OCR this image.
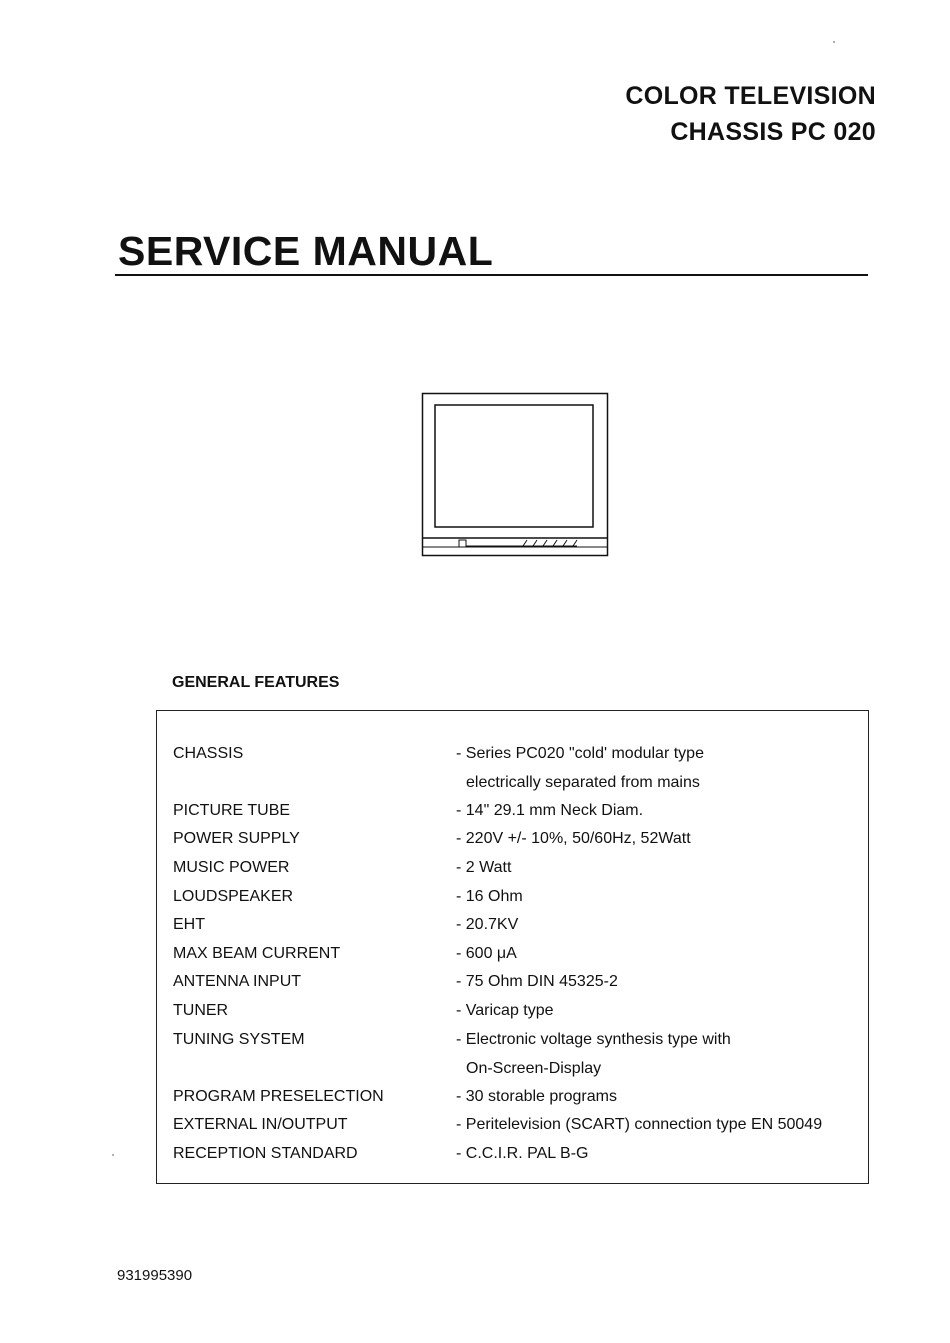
COLOR TELEVISION
CHASSIS PC 020
SERVICE MANUAL
GENERAL FEATURES
CHASSIS	- Series PC020 "cold' modular type
electrically separated from mains
PICTURE TUBE	- 14" 29.1 mm Neck Diam.
POWER SUPPLY	- 220V +/- 10%, 50/60Hz, 52Watt
MUSIC POWER	- 2 Watt
LOUDSPEAKER	- 16 Ohm
EHT	- 20.7KV
MAX BEAM CURRENT	- 600 μA
ANTENNA INPUT	- 75 Ohm DIN 45325-2
TUNER	- Varicap type
TUNING SYSTEM	- Electronic voltage synthesis type with
On-Screen-Display
PROGRAM PRESELECTION	- 30 storable programs
EXTERNAL IN/OUTPUT	- Peritelevision (SCART) connection type EN 50049
RECEPTION STANDARD	- C.C.I.R. PAL B-G
931995390
